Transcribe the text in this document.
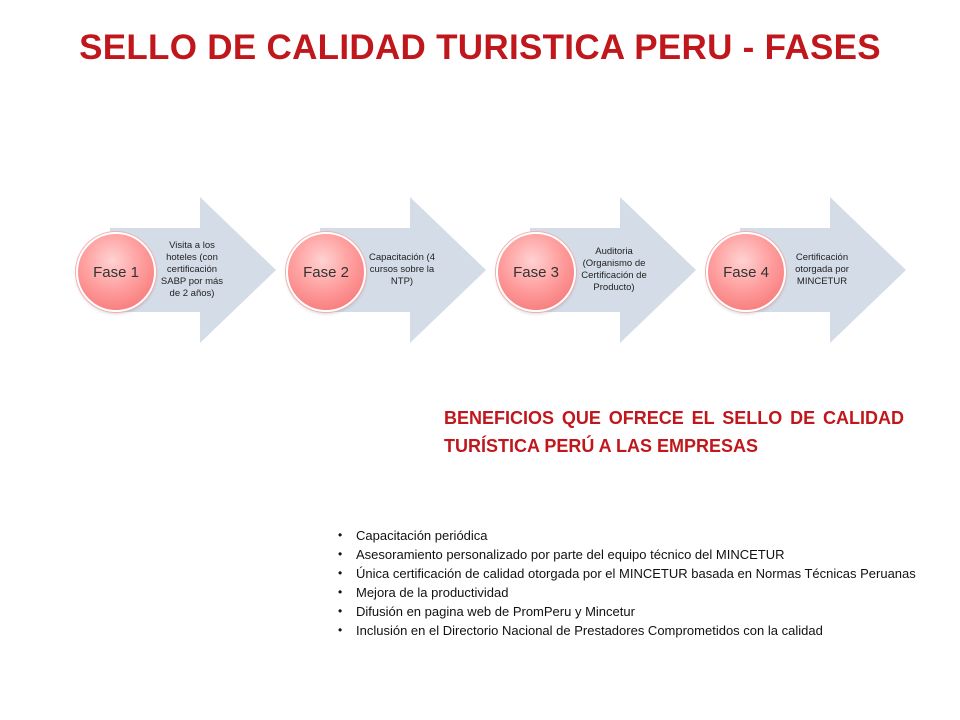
SELLO DE CALIDAD TURISTICA PERU - FASES
Visita a los hoteles (con certificación SABP por más de 2 años)
Fase 1
Capacitación (4 cursos sobre la NTP)
Fase 2
Auditoria (Organismo de Certificación de Producto)
Fase 3
Certificación otorgada por MINCETUR
Fase 4
BENEFICIOS QUE OFRECE EL SELLO DE CALIDAD TURÍSTICA PERÚ A LAS EMPRESAS
• Capacitación periódica
• Asesoramiento personalizado por parte del equipo técnico del MINCETUR
• Única certificación de calidad otorgada por el MINCETUR basada en Normas Técnicas Peruanas
• Mejora de la productividad
• Difusión en pagina web de PromPeru y Mincetur
• Inclusión en el Directorio Nacional de Prestadores Comprometidos con la calidad
